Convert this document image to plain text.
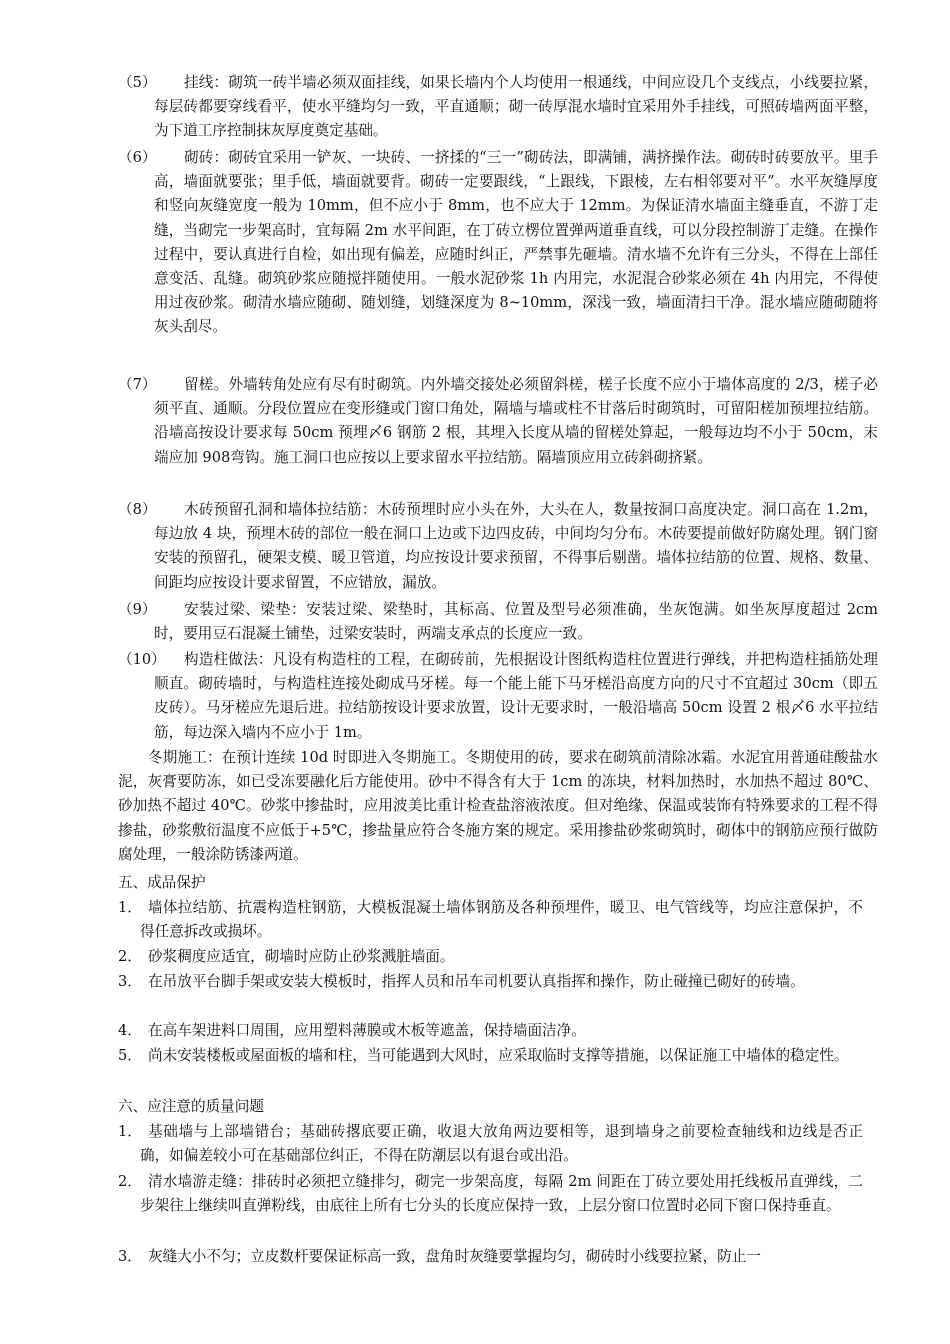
（5）	挂线：砌筑一砖半墙必须双面挂线，如果长墙内个人均使用一根通线，中间应设几个支线点，小线要拉紧，每层砖都要穿线看平，使水平缝均匀一致，平直通顺；砌一砖厚混水墙时宜采用外手挂线，可照砖墙两面平整，为下道工序控制抹灰厚度奠定基础。
（6）	砌砖：砌砖宜采用一铲灰、一块砖、一挤揉的“三一”砌砖法，即满铺，满挤操作法。砌砖时砖要放平。里手高，墙面就要张；里手低，墙面就要背。砌砖一定要跟线，“上跟线，下跟棱，左右相邻要对平”。水平灰缝厚度和竖向灰缝宽度一般为 10mm，但不应小于 8mm，也不应大于 12mm。为保证清水墙面主缝垂直，不游丁走缝，当砌完一步架高时，宜每隔 2m 水平间距，在丁砖立楞位置弹两道垂直线，可以分段控制游丁走缝。在操作过程中，要认真进行自检，如出现有偏差，应随时纠正，严禁事先砸墙。清水墙不允许有三分头，不得在上部任意变活、乱缝。砌筑砂浆应随搅拌随使用。一般水泥砂浆 1h 内用完，水泥混合砂浆必须在 4h 内用完，不得使用过夜砂浆。砌清水墙应随砌、随划缝，划缝深度为 8~10mm，深浅一致，墙面清扫干净。混水墙应随砌随将灰头刮尽。
（7）	留槎。外墙转角处应有尽有时砌筑。内外墙交接处必须留斜槎，槎子长度不应小于墙体高度的 2/3，槎子必须平直、通顺。分段位置应在变形缝或门窗口角处，隔墙与墙或柱不甘落后时砌筑时，可留阳槎加预埋拉结筋。沿墙高按设计要求每 50cm 预埋〆6 钢筋 2 根，其埋入长度从墙的留槎处算起，一般每边均不小于 50cm，末端应加 908弯钩。施工洞口也应按以上要求留水平拉结筋。隔墙顶应用立砖斜砌挤紧。
（8）	木砖预留孔洞和墙体拉结筋：木砖预埋时应小头在外，大头在人，数量按洞口高度决定。洞口高在 1.2m，每边放 4 块，预埋木砖的部位一般在洞口上边或下边四皮砖，中间均匀分布。木砖要提前做好防腐处理。钢门窗安装的预留孔，硬架支模、暖卫管道，均应按设计要求预留，不得事后剔凿。墙体拉结筋的位置、规格、数量、间距均应按设计要求留置，不应错放，漏放。
（9）	安装过梁、梁垫：安装过梁、梁垫时，其标高、位置及型号必须准确，坐灰饱满。如坐灰厚度超过 2cm 时，要用豆石混凝土铺垫，过梁安装时，两端支承点的长度应一致。
（10）	构造柱做法：凡设有构造柱的工程，在砌砖前，先根据设计图纸构造柱位置进行弹线，并把构造柱插筋处理顺直。砌砖墙时，与构造柱连接处砌成马牙槎。每一个能上能下马牙槎沿高度方向的尺寸不宜超过 30cm（即五皮砖）。马牙槎应先退后进。拉结筋按设计要求放置，设计无要求时，一般沿墙高 50cm 设置 2 根〆6 水平拉结筋，每边深入墙内不应小于 1m。
冬期施工：在预计连续 10d 时即进入冬期施工。冬期使用的砖，要求在砌筑前清除冰霜。水泥宜用普通硅酸盐水泥，灰膏要防冻，如已受冻要融化后方能使用。砂中不得含有大于 1cm 的冻块，材料加热时，水加热不超过 80℃、砂加热不超过 40℃。砂浆中掺盐时，应用波美比重计检查盐溶液浓度。但对绝缘、保温或装饰有特殊要求的工程不得掺盐，砂浆敷衍温度不应低于+5℃，掺盐量应符合冬施方案的规定。采用掺盐砂浆砌筑时，砌体中的钢筋应预行做防腐处理，一般涂防锈漆两道。
五、成品保护
1． 墙体拉结筋、抗震构造柱钢筋，大模板混凝土墙体钢筋及各种预埋件，暖卫、电气管线等，均应注意保护，不得任意拆改或损坏。
2． 砂浆稠度应适宜，砌墙时应防止砂浆溅脏墙面。
3． 在吊放平台脚手架或安装大模板时，指挥人员和吊车司机要认真指挥和操作，防止碰撞已砌好的砖墙。
4． 在高车架进料口周围，应用塑料薄膜或木板等遮盖，保持墙面洁净。
5． 尚未安装楼板或屋面板的墙和柱，当可能遇到大风时，应采取临时支撑等措施，以保证施工中墙体的稳定性。
六、应注意的质量问题
1． 基础墙与上部墙错台；基础砖撂底要正确，收退大放角两边要相等，退到墙身之前要检查轴线和边线是否正确，如偏差较小可在基础部位纠正，不得在防潮层以有退台或出沿。
2． 清水墙游走缝：排砖时必须把立缝排匀，砌完一步架高度，每隔 2m 间距在丁砖立要处用托线板吊直弹线，二步架往上继续叫直弹粉线，由底往上所有七分头的长度应保持一致，上层分窗口位置时必同下窗口保持垂直。
3． 灰缝大小不匀；立皮数杆要保证标高一致，盘角时灰缝要掌握均匀，砌砖时小线要拉紧，防止一
